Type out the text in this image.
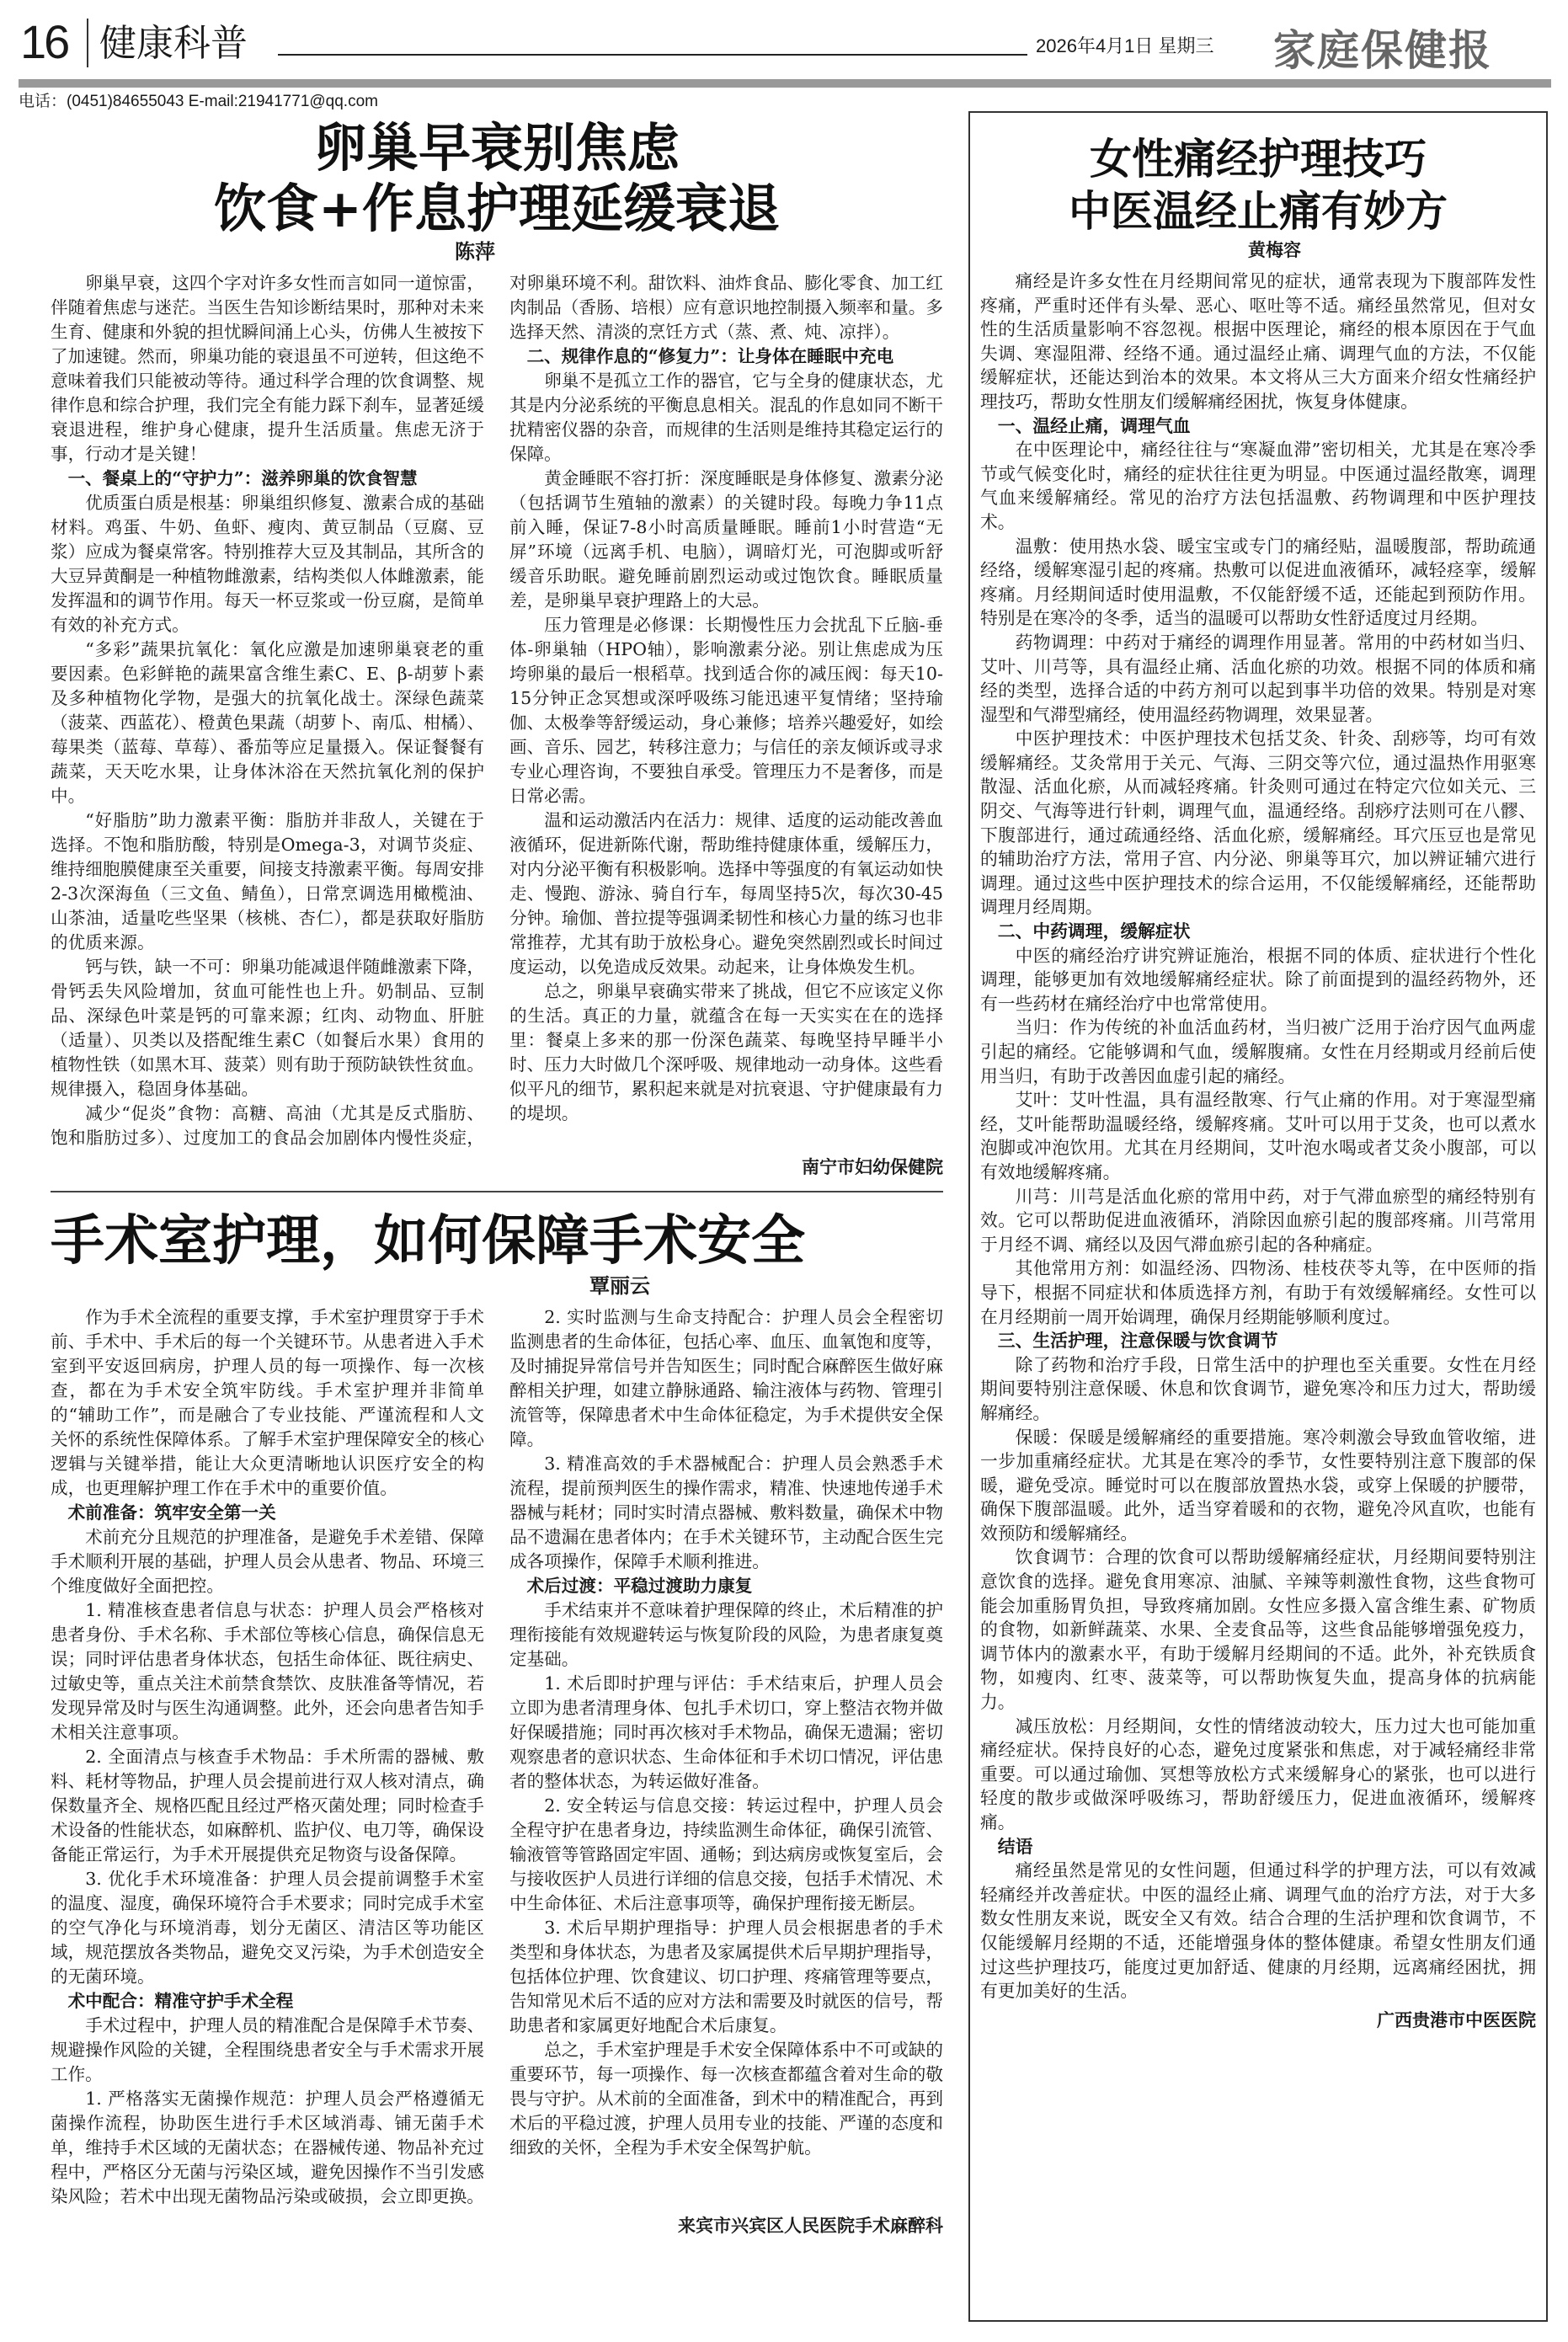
16 健康科普	2026年4月1日 星期三 家庭保健报
电话：(0451)84655043 E-mail:21941771@qq.com
卵巢早衰别焦虑
饮食+作息护理延缓衰退
陈萍

卵巢早衰，这四个字对许多女性而言如同一道惊雷，伴随着焦虑与迷茫。当医生告知诊断结果时，那种对未来生育、健康和外貌的担忧瞬间涌上心头，仿佛人生被按下了加速键。然而，卵巢功能的衰退虽不可逆转，但这绝不意味着我们只能被动等待。通过科学合理的饮食调整、规律作息和综合护理，我们完全有能力踩下刹车，显著延缓衰退进程，维护身心健康，提升生活质量。焦虑无济于事，行动才是关键！

一、餐桌上的“守护力”：滋养卵巢的饮食智慧

优质蛋白质是根基：卵巢组织修复、激素合成的基础材料。鸡蛋、牛奶、鱼虾、瘦肉、黄豆制品（豆腐、豆浆）应成为餐桌常客。特别推荐大豆及其制品，其所含的大豆异黄酮是一种植物雌激素，结构类似人体雌激素，能发挥温和的调节作用。每天一杯豆浆或一份豆腐，是简单有效的补充方式。

“多彩”蔬果抗氧化：氧化应激是加速卵巢衰老的重要因素。色彩鲜艳的蔬果富含维生素C、E、β-胡萝卜素及多种植物化学物，是强大的抗氧化战士。深绿色蔬菜（菠菜、西蓝花）、橙黄色果蔬（胡萝卜、南瓜、柑橘）、莓果类（蓝莓、草莓）、番茄等应足量摄入。保证餐餐有蔬菜，天天吃水果，让身体沐浴在天然抗氧化剂的保护中。

“好脂肪”助力激素平衡：脂肪并非敌人，关键在于选择。不饱和脂肪酸，特别是Omega-3，对调节炎症、维持细胞膜健康至关重要，间接支持激素平衡。每周安排2-3次深海鱼（三文鱼、鲭鱼），日常烹调选用橄榄油、山茶油，适量吃些坚果（核桃、杏仁），都是获取好脂肪的优质来源。

钙与铁，缺一不可：卵巢功能减退伴随雌激素下降，骨钙丢失风险增加，贫血可能性也上升。奶制品、豆制品、深绿色叶菜是钙的可靠来源；红肉、动物血、肝脏（适量）、贝类以及搭配维生素C（如餐后水果）食用的植物性铁（如黑木耳、菠菜）则有助于预防缺铁性贫血。规律摄入，稳固身体基础。

减少“促炎”食物：高糖、高油（尤其是反式脂肪、饱和脂肪过多）、过度加工的食品会加剧体内慢性炎症，对卵巢环境不利。甜饮料、油炸食品、膨化零食、加工红肉制品（香肠、培根）应有意识地控制摄入频率和量。多选择天然、清淡的烹饪方式（蒸、煮、炖、凉拌）。

二、规律作息的“修复力”：让身体在睡眠中充电

卵巢不是孤立工作的器官，它与全身的健康状态，尤其是内分泌系统的平衡息息相关。混乱的作息如同不断干扰精密仪器的杂音，而规律的生活则是维持其稳定运行的保障。

黄金睡眠不容打折：深度睡眠是身体修复、激素分泌（包括调节生殖轴的激素）的关键时段。每晚力争11点前入睡，保证7-8小时高质量睡眠。睡前1小时营造“无屏”环境（远离手机、电脑），调暗灯光，可泡脚或听舒缓音乐助眠。避免睡前剧烈运动或过饱饮食。睡眠质量差，是卵巢早衰护理路上的大忌。

压力管理是必修课：长期慢性压力会扰乱下丘脑-垂体-卵巢轴（HPO轴），影响激素分泌。别让焦虑成为压垮卵巢的最后一根稻草。找到适合你的减压阀：每天10-15分钟正念冥想或深呼吸练习能迅速平复情绪；坚持瑜伽、太极拳等舒缓运动，身心兼修；培养兴趣爱好，如绘画、音乐、园艺，转移注意力；与信任的亲友倾诉或寻求专业心理咨询，不要独自承受。管理压力不是奢侈，而是日常必需。

温和运动激活内在活力：规律、适度的运动能改善血液循环，促进新陈代谢，帮助维持健康体重，缓解压力，对内分泌平衡有积极影响。选择中等强度的有氧运动如快走、慢跑、游泳、骑自行车，每周坚持5次，每次30-45分钟。瑜伽、普拉提等强调柔韧性和核心力量的练习也非常推荐，尤其有助于放松身心。避免突然剧烈或长时间过度运动，以免造成反效果。动起来，让身体焕发生机。

总之，卵巢早衰确实带来了挑战，但它不应该定义你的生活。真正的力量，就蕴含在每一天实实在在的选择里：餐桌上多来的那一份深色蔬菜、每晚坚持早睡半小时、压力大时做几个深呼吸、规律地动一动身体。这些看似平凡的细节，累积起来就是对抗衰退、守护健康最有力的堤坝。

南宁市妇幼保健院
手术室护理，如何保障手术安全
覃丽云

作为手术全流程的重要支撑，手术室护理贯穿于手术前、手术中、手术后的每一个关键环节。从患者进入手术室到平安返回病房，护理人员的每一项操作、每一次核查，都在为手术安全筑牢防线。手术室护理并非简单的“辅助工作”，而是融合了专业技能、严谨流程和人文关怀的系统性保障体系。了解手术室护理保障安全的核心逻辑与关键举措，能让大众更清晰地认识医疗安全的构成，也更理解护理工作在手术中的重要价值。

术前准备：筑牢安全第一关

术前充分且规范的护理准备，是避免手术差错、保障手术顺利开展的基础，护理人员会从患者、物品、环境三个维度做好全面把控。

1. 精准核查患者信息与状态：护理人员会严格核对患者身份、手术名称、手术部位等核心信息，确保信息无误；同时评估患者身体状态，包括生命体征、既往病史、过敏史等，重点关注术前禁食禁饮、皮肤准备等情况，若发现异常及时与医生沟通调整。此外，还会向患者告知手术相关注意事项。

2. 全面清点与核查手术物品：手术所需的器械、敷料、耗材等物品，护理人员会提前进行双人核对清点，确保数量齐全、规格匹配且经过严格灭菌处理；同时检查手术设备的性能状态，如麻醉机、监护仪、电刀等，确保设备能正常运行，为手术开展提供充足物资与设备保障。

3. 优化手术环境准备：护理人员会提前调整手术室的温度、湿度，确保环境符合手术要求；同时完成手术室的空气净化与环境消毒，划分无菌区、清洁区等功能区域，规范摆放各类物品，避免交叉污染，为手术创造安全的无菌环境。

术中配合：精准守护手术全程

手术过程中，护理人员的精准配合是保障手术节奏、规避操作风险的关键，全程围绕患者安全与手术需求开展工作。

1. 严格落实无菌操作规范：护理人员会严格遵循无菌操作流程，协助医生进行手术区域消毒、铺无菌手术单，维持手术区域的无菌状态；在器械传递、物品补充过程中，严格区分无菌与污染区域，避免因操作不当引发感染风险；若术中出现无菌物品污染或破损，会立即更换。

2. 实时监测与生命支持配合：护理人员会全程密切监测患者的生命体征，包括心率、血压、血氧饱和度等，及时捕捉异常信号并告知医生；同时配合麻醉医生做好麻醉相关护理，如建立静脉通路、输注液体与药物、管理引流管等，保障患者术中生命体征稳定，为手术提供安全保障。

3. 精准高效的手术器械配合：护理人员会熟悉手术流程，提前预判医生的操作需求，精准、快速地传递手术器械与耗材；同时实时清点器械、敷料数量，确保术中物品不遗漏在患者体内；在手术关键环节，主动配合医生完成各项操作，保障手术顺利推进。

术后过渡：平稳过渡助力康复

手术结束并不意味着护理保障的终止，术后精准的护理衔接能有效规避转运与恢复阶段的风险，为患者康复奠定基础。

1. 术后即时护理与评估：手术结束后，护理人员会立即为患者清理身体、包扎手术切口，穿上整洁衣物并做好保暖措施；同时再次核对手术物品，确保无遗漏；密切观察患者的意识状态、生命体征和手术切口情况，评估患者的整体状态，为转运做好准备。

2. 安全转运与信息交接：转运过程中，护理人员会全程守护在患者身边，持续监测生命体征，确保引流管、输液管等管路固定牢固、通畅；到达病房或恢复室后，会与接收医护人员进行详细的信息交接，包括手术情况、术中生命体征、术后注意事项等，确保护理衔接无断层。

3. 术后早期护理指导：护理人员会根据患者的手术类型和身体状态，为患者及家属提供术后早期护理指导，包括体位护理、饮食建议、切口护理、疼痛管理等要点，告知常见术后不适的应对方法和需要及时就医的信号，帮助患者和家属更好地配合术后康复。

总之，手术室护理是手术安全保障体系中不可或缺的重要环节，每一项操作、每一次核查都蕴含着对生命的敬畏与守护。从术前的全面准备，到术中的精准配合，再到术后的平稳过渡，护理人员用专业的技能、严谨的态度和细致的关怀，全程为手术安全保驾护航。

来宾市兴宾区人民医院手术麻醉科
女性痛经护理技巧
中医温经止痛有妙方
黄梅容

痛经是许多女性在月经期间常见的症状，通常表现为下腹部阵发性疼痛，严重时还伴有头晕、恶心、呕吐等不适。痛经虽然常见，但对女性的生活质量影响不容忽视。根据中医理论，痛经的根本原因在于气血失调、寒湿阻滞、经络不通。通过温经止痛、调理气血的方法，不仅能缓解症状，还能达到治本的效果。本文将从三大方面来介绍女性痛经护理技巧，帮助女性朋友们缓解痛经困扰，恢复身体健康。

一、温经止痛，调理气血

在中医理论中，痛经往往与“寒凝血滞”密切相关，尤其是在寒冷季节或气候变化时，痛经的症状往往更为明显。中医通过温经散寒，调理气血来缓解痛经。常见的治疗方法包括温敷、药物调理和中医护理技术。

温敷：使用热水袋、暖宝宝或专门的痛经贴，温暖腹部，帮助疏通经络，缓解寒湿引起的疼痛。热敷可以促进血液循环，减轻痉挛，缓解疼痛。月经期间适时使用温敷，不仅能舒缓不适，还能起到预防作用。特别是在寒冷的冬季，适当的温暖可以帮助女性舒适度过月经期。

药物调理：中药对于痛经的调理作用显著。常用的中药材如当归、艾叶、川芎等，具有温经止痛、活血化瘀的功效。根据不同的体质和痛经的类型，选择合适的中药方剂可以起到事半功倍的效果。特别是对寒湿型和气滞型痛经，使用温经药物调理，效果显著。

中医护理技术：中医护理技术包括艾灸、针灸、刮痧等，均可有效缓解痛经。艾灸常用于关元、气海、三阴交等穴位，通过温热作用驱寒散湿、活血化瘀，从而减轻疼痛。针灸则可通过在特定穴位如关元、三阴交、气海等进行针刺，调理气血，温通经络。刮痧疗法则可在八髎、下腹部进行，通过疏通经络、活血化瘀，缓解痛经。耳穴压豆也是常见的辅助治疗方法，常用子宫、内分泌、卵巢等耳穴，加以辨证辅穴进行调理。通过这些中医护理技术的综合运用，不仅能缓解痛经，还能帮助调理月经周期。

二、中药调理，缓解症状

中医的痛经治疗讲究辨证施治，根据不同的体质、症状进行个性化调理，能够更加有效地缓解痛经症状。除了前面提到的温经药物外，还有一些药材在痛经治疗中也常常使用。

当归：作为传统的补血活血药材，当归被广泛用于治疗因气血两虚引起的痛经。它能够调和气血，缓解腹痛。女性在月经期或月经前后使用当归，有助于改善因血虚引起的痛经。

艾叶：艾叶性温，具有温经散寒、行气止痛的作用。对于寒湿型痛经，艾叶能帮助温暖经络，缓解疼痛。艾叶可以用于艾灸，也可以煮水泡脚或冲泡饮用。尤其在月经期间，艾叶泡水喝或者艾灸小腹部，可以有效地缓解疼痛。

川芎：川芎是活血化瘀的常用中药，对于气滞血瘀型的痛经特别有效。它可以帮助促进血液循环，消除因血瘀引起的腹部疼痛。川芎常用于月经不调、痛经以及因气滞血瘀引起的各种痛症。

其他常用方剂：如温经汤、四物汤、桂枝茯苓丸等，在中医师的指导下，根据不同症状和体质选择方剂，有助于有效缓解痛经。女性可以在月经期前一周开始调理，确保月经期能够顺利度过。

三、生活护理，注意保暖与饮食调节

除了药物和治疗手段，日常生活中的护理也至关重要。女性在月经期间要特别注意保暖、休息和饮食调节，避免寒冷和压力过大，帮助缓解痛经。

保暖：保暖是缓解痛经的重要措施。寒冷刺激会导致血管收缩，进一步加重痛经症状。尤其是在寒冷的季节，女性要特别注意下腹部的保暖，避免受凉。睡觉时可以在腹部放置热水袋，或穿上保暖的护腰带，确保下腹部温暖。此外，适当穿着暖和的衣物，避免冷风直吹，也能有效预防和缓解痛经。

饮食调节：合理的饮食可以帮助缓解痛经症状，月经期间要特别注意饮食的选择。避免食用寒凉、油腻、辛辣等刺激性食物，这些食物可能会加重肠胃负担，导致疼痛加剧。女性应多摄入富含维生素、矿物质的食物，如新鲜蔬菜、水果、全麦食品等，这些食品能够增强免疫力，调节体内的激素水平，有助于缓解月经期间的不适。此外，补充铁质食物，如瘦肉、红枣、菠菜等，可以帮助恢复失血，提高身体的抗病能力。

减压放松：月经期间，女性的情绪波动较大，压力过大也可能加重痛经症状。保持良好的心态，避免过度紧张和焦虑，对于减轻痛经非常重要。可以通过瑜伽、冥想等放松方式来缓解身心的紧张，也可以进行轻度的散步或做深呼吸练习，帮助舒缓压力，促进血液循环，缓解疼痛。

结语

痛经虽然是常见的女性问题，但通过科学的护理方法，可以有效减轻痛经并改善症状。中医的温经止痛、调理气血的治疗方法，对于大多数女性朋友来说，既安全又有效。结合合理的生活护理和饮食调节，不仅能缓解月经期的不适，还能增强身体的整体健康。希望女性朋友们通过这些护理技巧，能度过更加舒适、健康的月经期，远离痛经困扰，拥有更加美好的生活。

广西贵港市中医医院
